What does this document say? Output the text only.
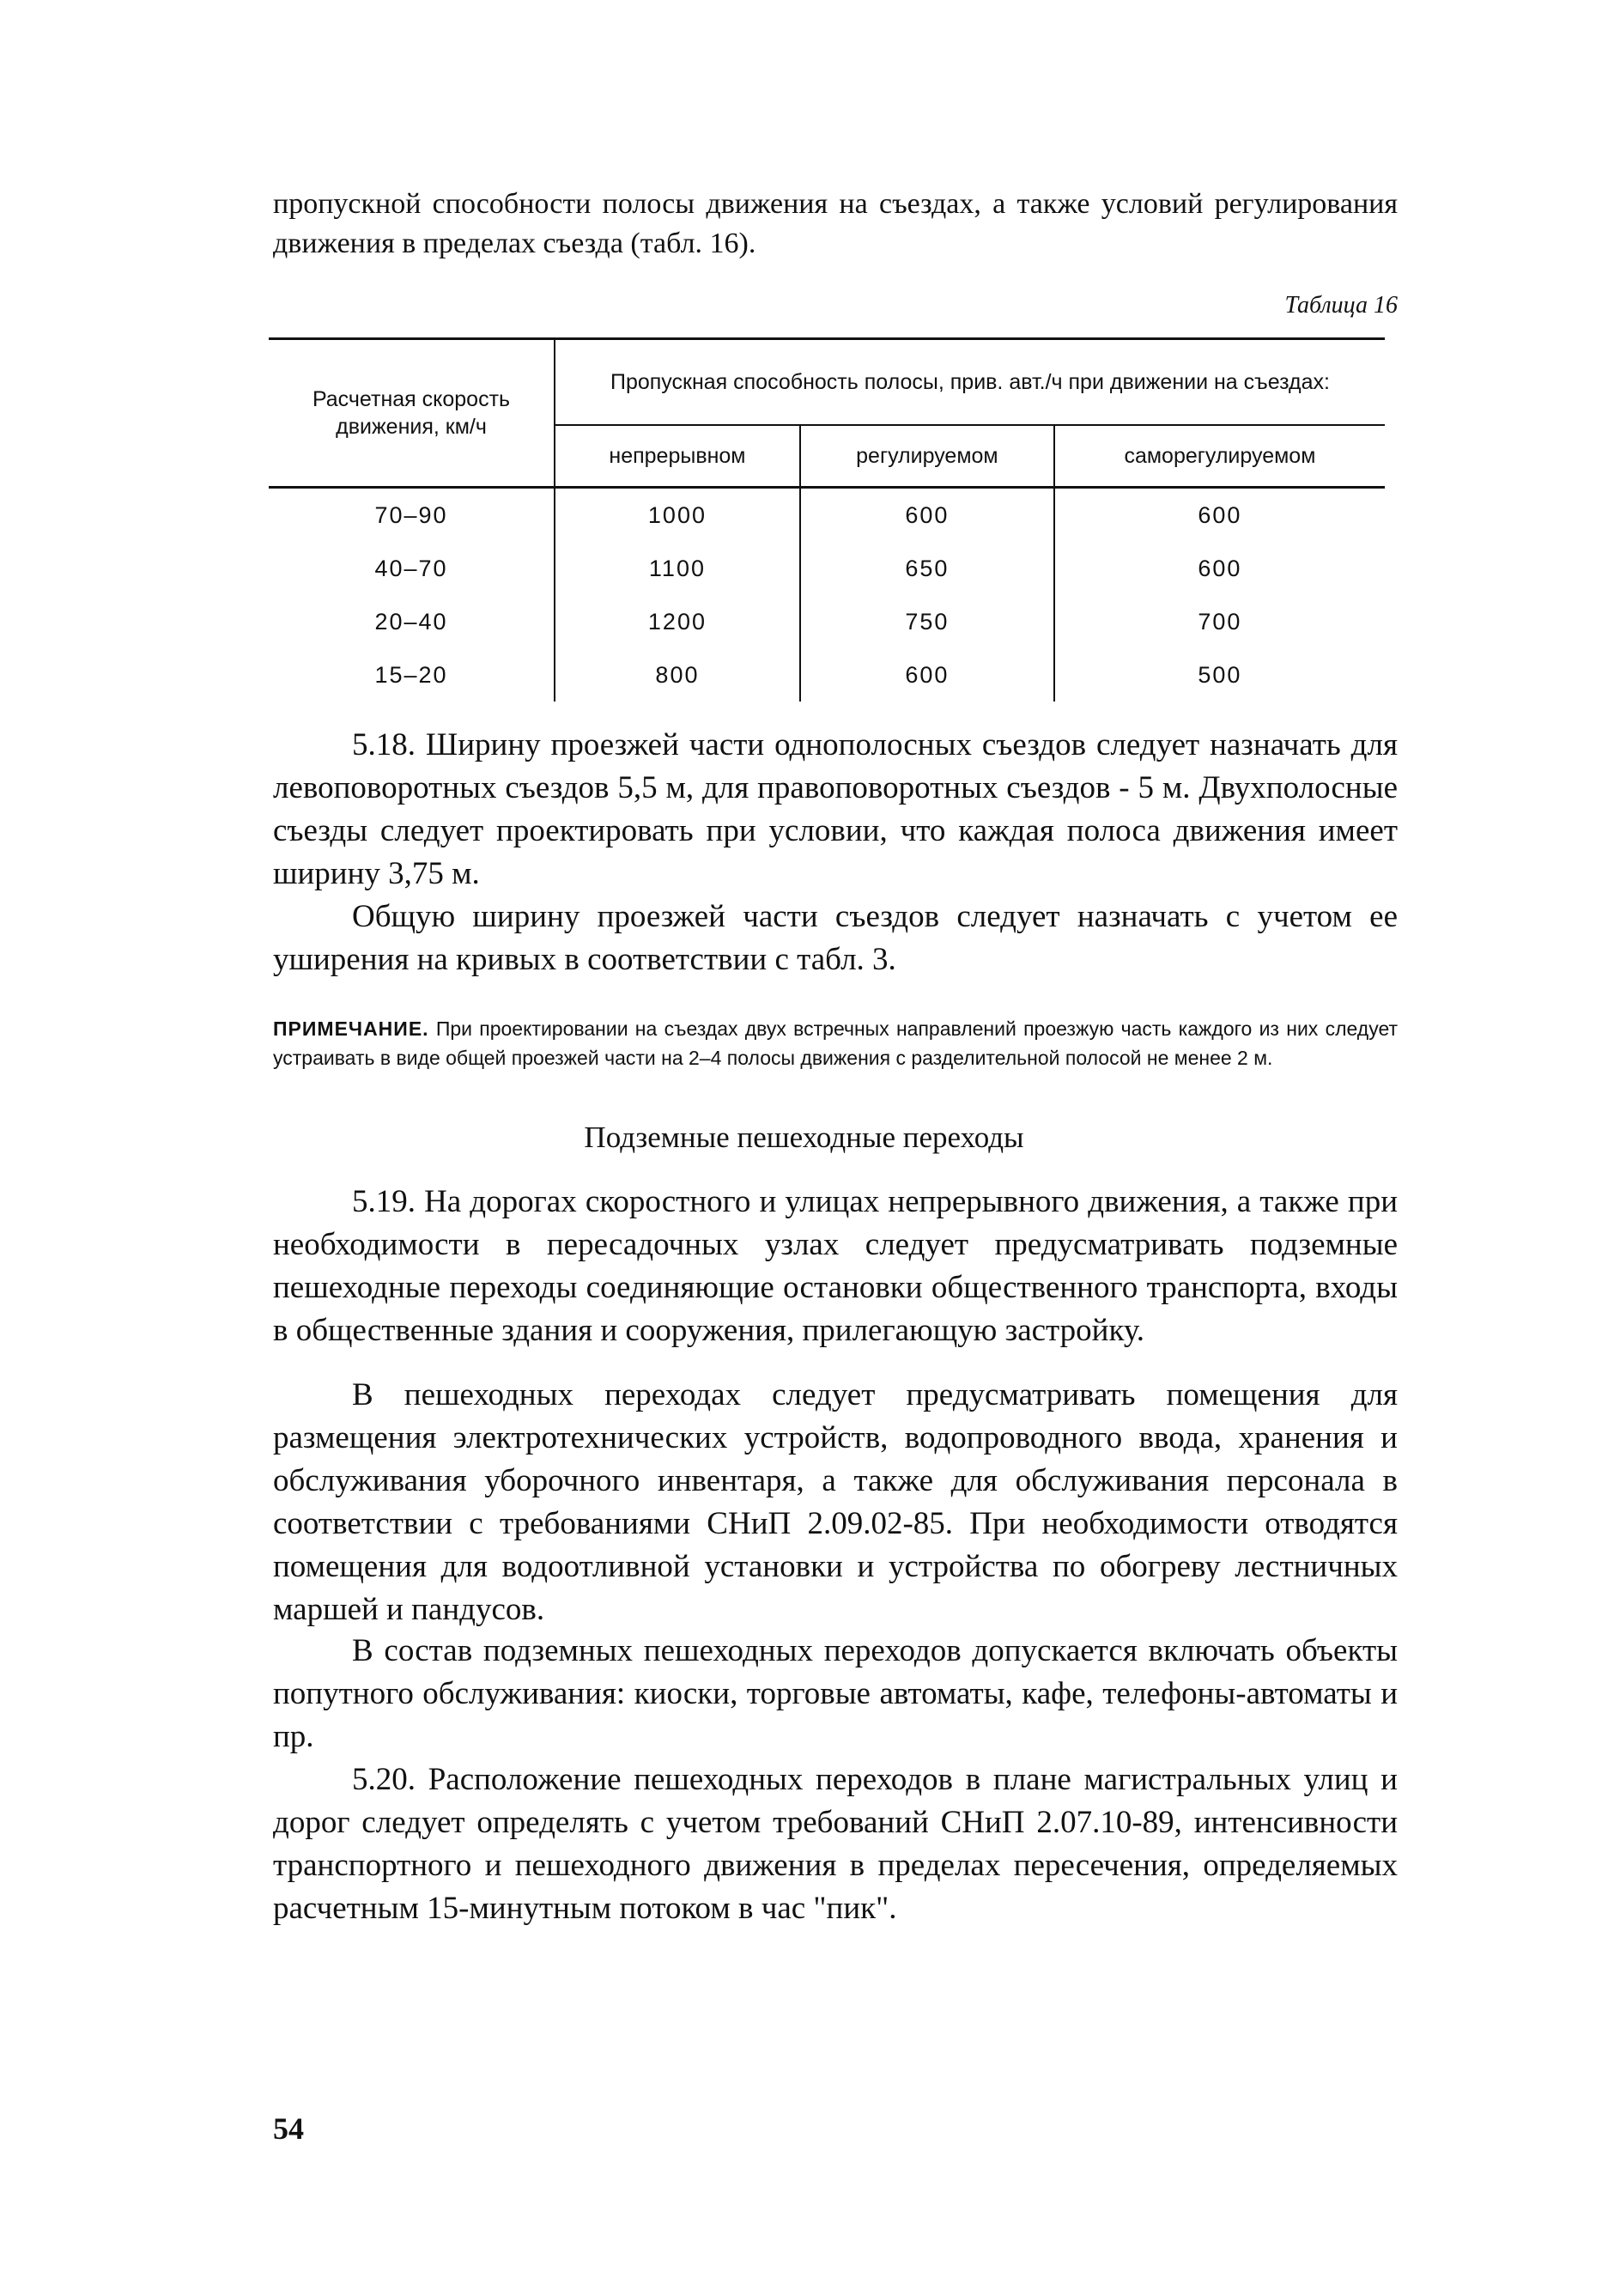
пропускной способности полосы движения на съездах, а также условий регулирования движения в пределах съезда (табл. 16).

Таблица 16
Расчетная скорость движения, км/ч	Пропускная способность полосы, прив. авт./ч при движении на съездах:		
	непрерывном	регулируемом	саморегулируемом
70–90	1000	600	600
40–70	1100	650	600
20–40	1200	750	700
15–20	800	600	500

5.18. Ширину проезжей части однополосных съездов следует назначать для левоповоротных съездов 5,5 м, для правоповоротных съездов - 5 м. Двухполосные съезды следует проектировать при условии, что каждая полоса движения имеет ширину 3,75 м.

Общую ширину проезжей части съездов следует назначать с учетом ее уширения на кривых в соответствии с табл. 3.

ПРИМЕЧАНИЕ. При проектировании на съездах двух встречных направлений проезжую часть каждого из них следует устраивать в виде общей проезжей части на 2–4 полосы движения с разделительной полосой не менее 2 м.

Подземные пешеходные переходы

5.19. На дорогах скоростного и улицах непрерывного движения, а также при необходимости в пересадочных узлах следует предусматривать подземные пешеходные переходы соединяющие остановки общественного транспорта, входы в общественные здания и сооружения, прилегающую застройку.

В пешеходных переходах следует предусматривать помещения для размещения электротехнических устройств, водопроводного ввода, хранения и обслуживания уборочного инвентаря, а также для обслуживания персонала в соответствии с требованиями СНиП 2.09.02-85. При необходимости отводятся помещения для водоотливной установки и устройства по обогреву лестничных маршей и пандусов.

В состав подземных пешеходных переходов допускается включать объекты попутного обслуживания: киоски, торговые автоматы, кафе, телефоны-автоматы и пр.

5.20. Расположение пешеходных переходов в плане магистральных улиц и дорог следует определять с учетом требований СНиП 2.07.10-89, интенсивности транспортного и пешеходного движения в пределах пересечения, определяемых расчетным 15-минутным потоком в час "пик".

54
